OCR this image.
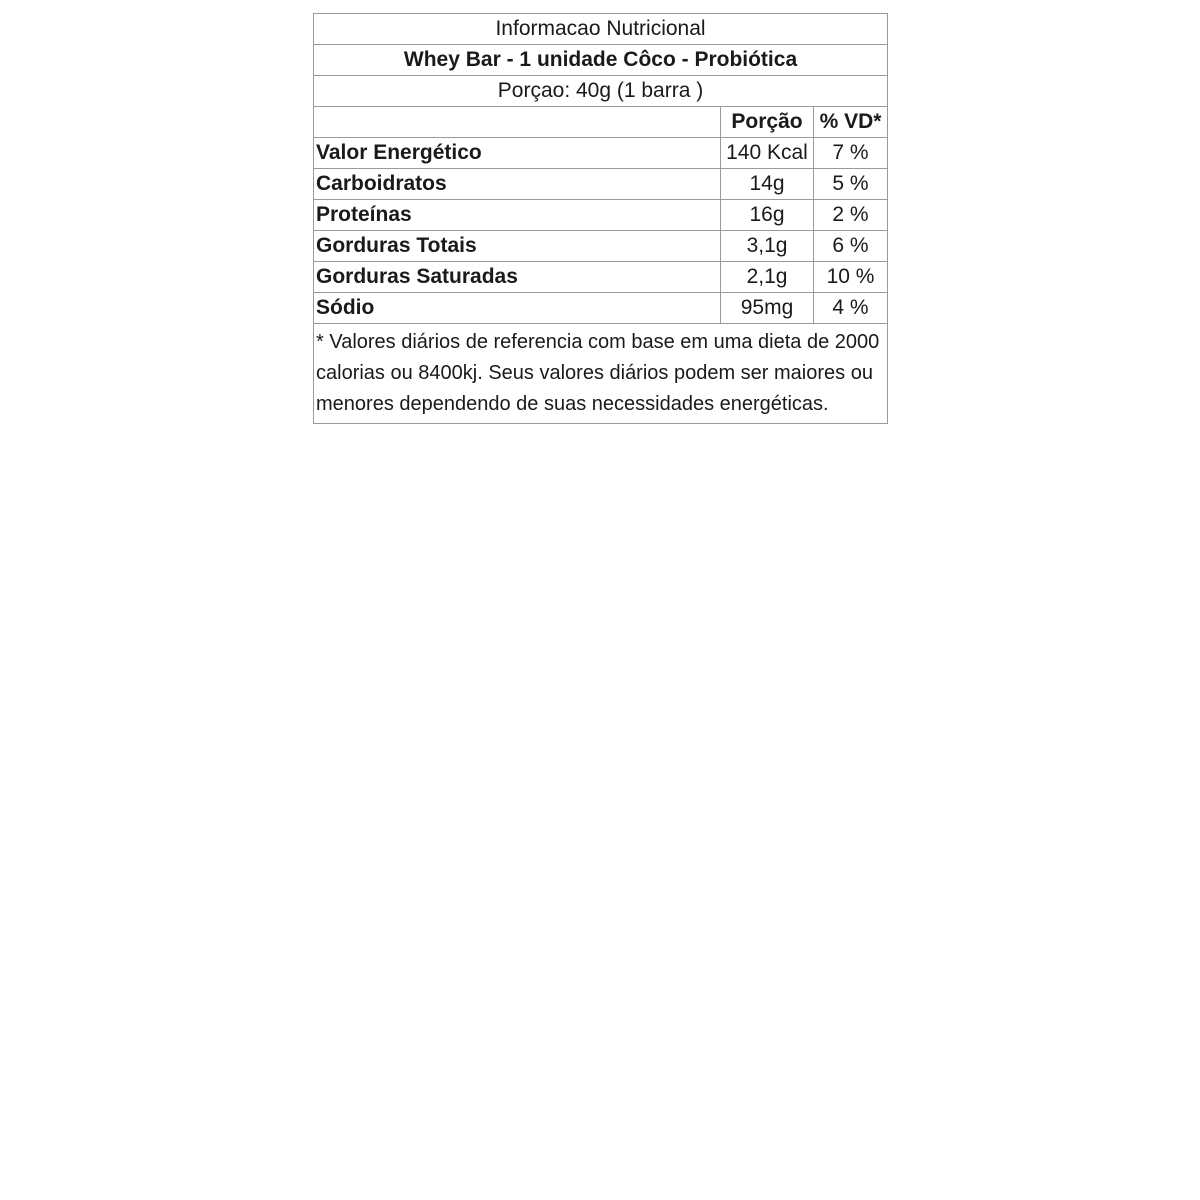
Informacao Nutricional		
Whey Bar - 1 unidade Côco - Probiótica		
Porçao: 40g (1 barra )		
	Porção	% VD*
Valor Energético	140 Kcal	7 %
Carboidratos	14g	5 %
Proteínas	16g	2 %
Gorduras Totais	3,1g	6 %
Gorduras Saturadas	2,1g	10 %
Sódio	95mg	4 %
* Valores diários de referencia com base em uma dieta de 2000 calorias ou 8400kj. Seus valores diários podem ser maiores ou menores dependendo de suas necessidades energéticas.		
